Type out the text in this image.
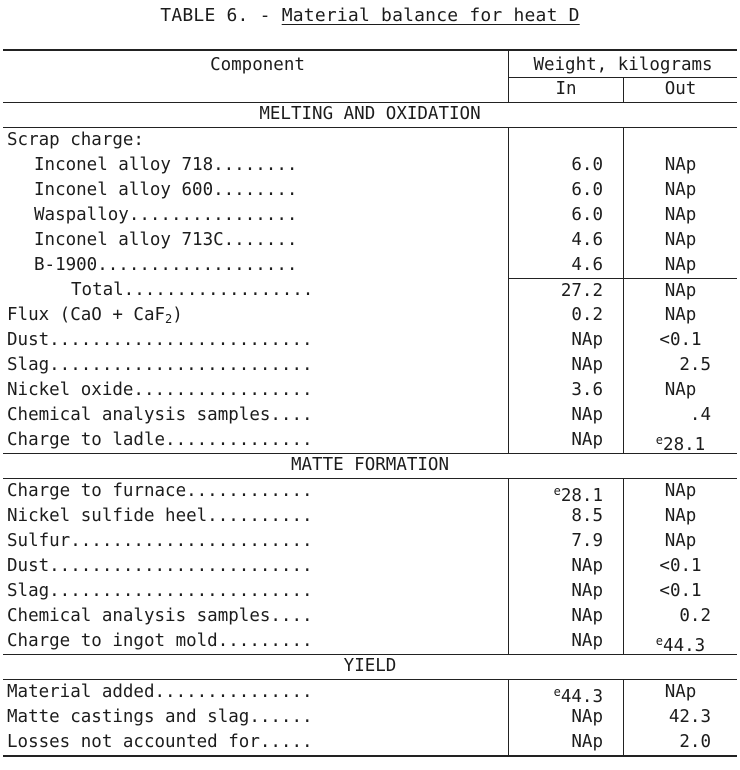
TABLE 6. - Material balance for heat D
Component	Weight, kilograms
In	Out
MELTING AND OXIDATION
Scrap charge:
Inconel alloy 718........	6.0	NAp
Inconel alloy 600........	6.0	NAp
Waspalloy................	6.0	NAp
Inconel alloy 713C.......	4.6	NAp
B-1900...................	4.6	NAp
Total..................	27.2	NAp
Flux (CaO + CaF$_2$)	0.2	NAp
Dust.........................	NAp	<0.1
Slag.........................	NAp	2.5
Nickel oxide.................	3.6	NAp
Chemical analysis samples....	NAp	.4
Charge to ladle..............	NAp	$^e$28.1
MATTE FORMATION
Charge to furnace............	$^e$28.1	NAp
Nickel sulfide heel..........	8.5	NAp
Sulfur.......................	7.9	NAp
Dust.........................	NAp	<0.1
Slag.........................	NAp	<0.1
Chemical analysis samples....	NAp	0.2
Charge to ingot mold.........	NAp	$^e$44.3
YIELD
Material added...............	$^e$44.3	NAp
Matte castings and slag......	NAp	42.3
Losses not accounted for.....	NAp	2.0
